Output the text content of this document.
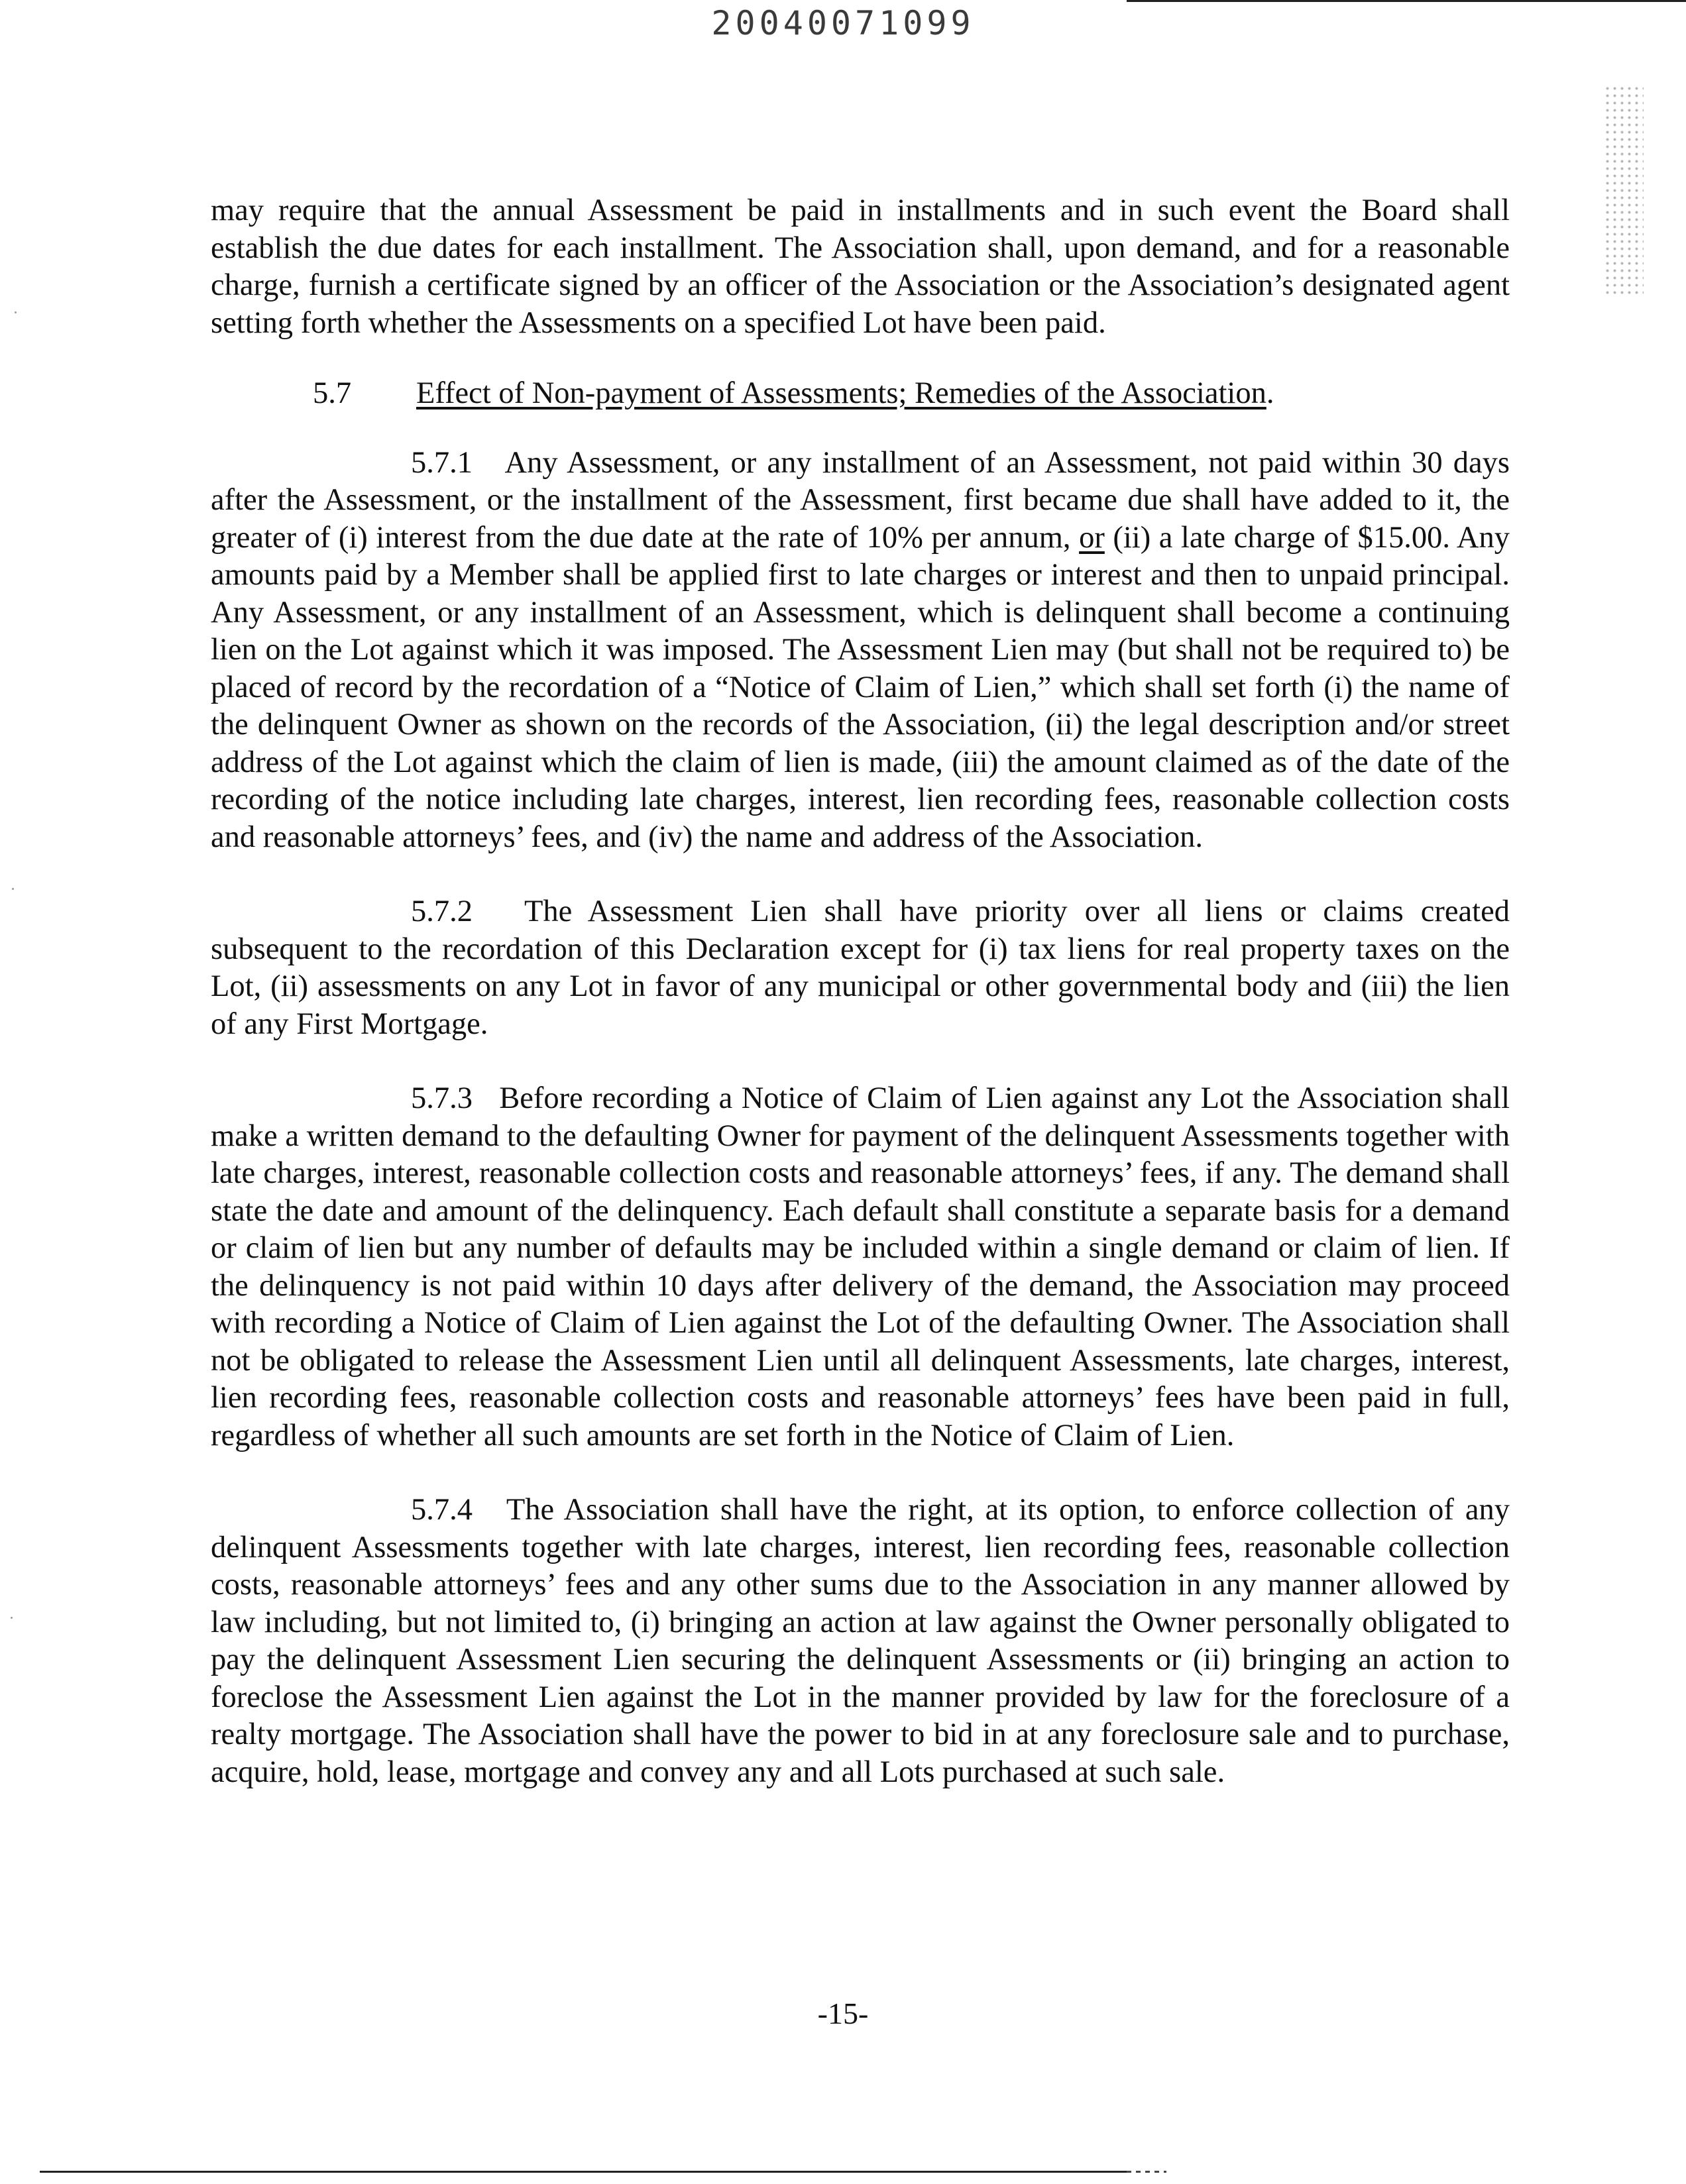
20040071099

may require that the annual Assessment be paid in installments and in such event the Board shall establish the due dates for each installment. The Association shall, upon demand, and for a reasonable charge, furnish a certificate signed by an officer of the Association or the Association’s designated agent setting forth whether the Assessments on a specified Lot have been paid.

5.7 Effect of Non-payment of Assessments; Remedies of the Association.

5.7.1 Any Assessment, or any installment of an Assessment, not paid within 30 days after the Assessment, or the installment of the Assessment, first became due shall have added to it, the greater of (i) interest from the due date at the rate of 10% per annum, or (ii) a late charge of $15.00. Any amounts paid by a Member shall be applied first to late charges or interest and then to unpaid principal. Any Assessment, or any installment of an Assessment, which is delinquent shall become a continuing lien on the Lot against which it was imposed. The Assessment Lien may (but shall not be required to) be placed of record by the recordation of a “Notice of Claim of Lien,” which shall set forth (i) the name of the delinquent Owner as shown on the records of the Association, (ii) the legal description and/or street address of the Lot against which the claim of lien is made, (iii) the amount claimed as of the date of the recording of the notice including late charges, interest, lien recording fees, reasonable collection costs and reasonable attorneys’ fees, and (iv) the name and address of the Association.

5.7.2 The Assessment Lien shall have priority over all liens or claims created subsequent to the recordation of this Declaration except for (i) tax liens for real property taxes on the Lot, (ii) assessments on any Lot in favor of any municipal or other governmental body and (iii) the lien of any First Mortgage.

5.7.3 Before recording a Notice of Claim of Lien against any Lot the Association shall make a written demand to the defaulting Owner for payment of the delinquent Assessments together with late charges, interest, reasonable collection costs and reasonable attorneys’ fees, if any. The demand shall state the date and amount of the delinquency. Each default shall constitute a separate basis for a demand or claim of lien but any number of defaults may be included within a single demand or claim of lien. If the delinquency is not paid within 10 days after delivery of the demand, the Association may proceed with recording a Notice of Claim of Lien against the Lot of the defaulting Owner. The Association shall not be obligated to release the Assessment Lien until all delinquent Assessments, late charges, interest, lien recording fees, reasonable collection costs and reasonable attorneys’ fees have been paid in full, regardless of whether all such amounts are set forth in the Notice of Claim of Lien.

5.7.4 The Association shall have the right, at its option, to enforce collection of any delinquent Assessments together with late charges, interest, lien recording fees, reasonable collection costs, reasonable attorneys’ fees and any other sums due to the Association in any manner allowed by law including, but not limited to, (i) bringing an action at law against the Owner personally obligated to pay the delinquent Assessment Lien securing the delinquent Assessments or (ii) bringing an action to foreclose the Assessment Lien against the Lot in the manner provided by law for the foreclosure of a realty mortgage. The Association shall have the power to bid in at any foreclosure sale and to purchase, acquire, hold, lease, mortgage and convey any and all Lots purchased at such sale.

-15-
